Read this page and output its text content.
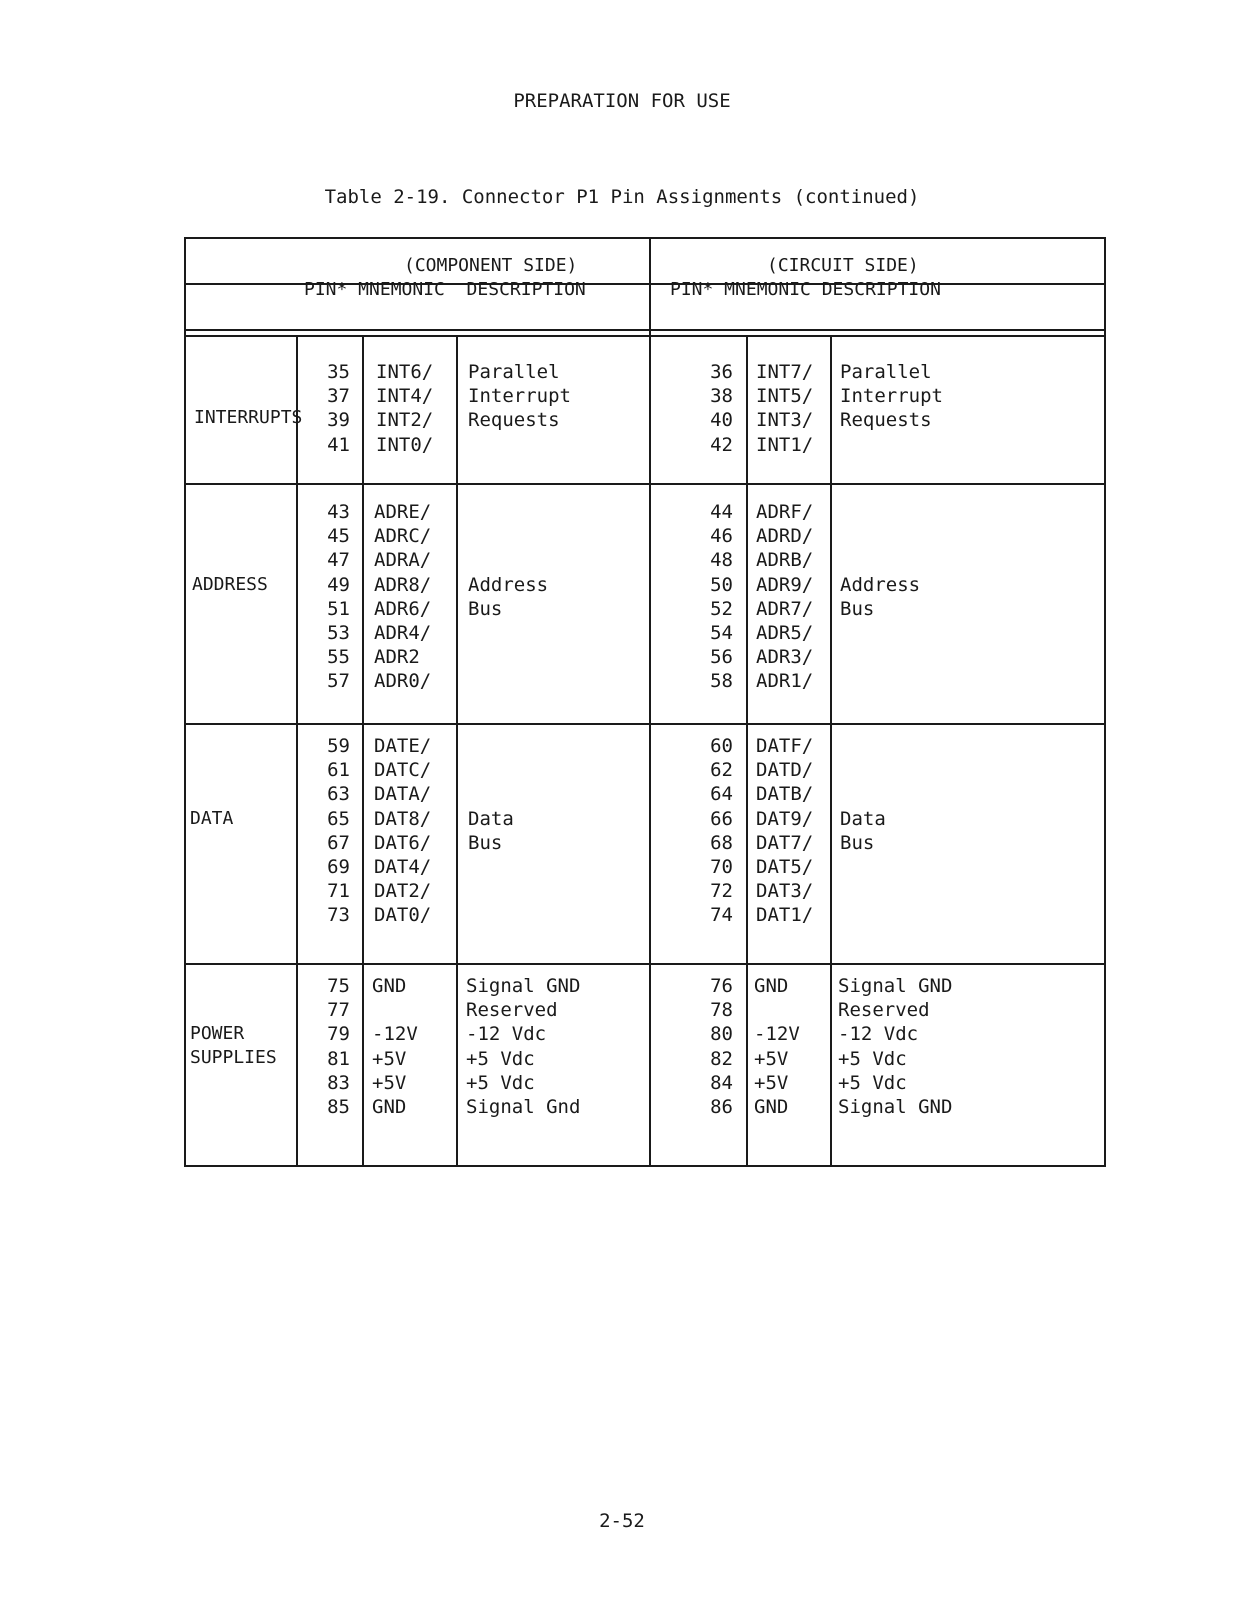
PREPARATION FOR USE
Table 2-19. Connector P1 Pin Assignments (continued)
(COMPONENT SIDE)	(CIRCUIT SIDE)
PIN* MNEMONIC  DESCRIPTION	PIN* MNEMONIC DESCRIPTION
INTERRUPTS
35
37
39
41
INT6/
INT4/
INT2/
INT0/
Parallel
Interrupt
Requests
36
38
40
42
INT7/
INT5/
INT3/
INT1/
Parallel
Interrupt
Requests
ADDRESS
43
45
47
49
51
53
55
57
ADRE/
ADRC/
ADRA/
ADR8/
ADR6/
ADR4/
ADR2
ADR0/
Address
Bus
44
46
48
50
52
54
56
58
ADRF/
ADRD/
ADRB/
ADR9/
ADR7/
ADR5/
ADR3/
ADR1/
Address
Bus
DATA
59
61
63
65
67
69
71
73
DATE/
DATC/
DATA/
DAT8/
DAT6/
DAT4/
DAT2/
DAT0/
Data
Bus
60
62
64
66
68
70
72
74
DATF/
DATD/
DATB/
DAT9/
DAT7/
DAT5/
DAT3/
DAT1/
Data
Bus
POWER
SUPPLIES
75
77
79
81
83
85
GND
-12V
+5V
+5V
GND
Signal GND
Reserved
-12 Vdc
+5 Vdc
+5 Vdc
Signal Gnd
76
78
80
82
84
86
GND
-12V
+5V
+5V
GND
Signal GND
Reserved
-12 Vdc
+5 Vdc
+5 Vdc
Signal GND
2-52
